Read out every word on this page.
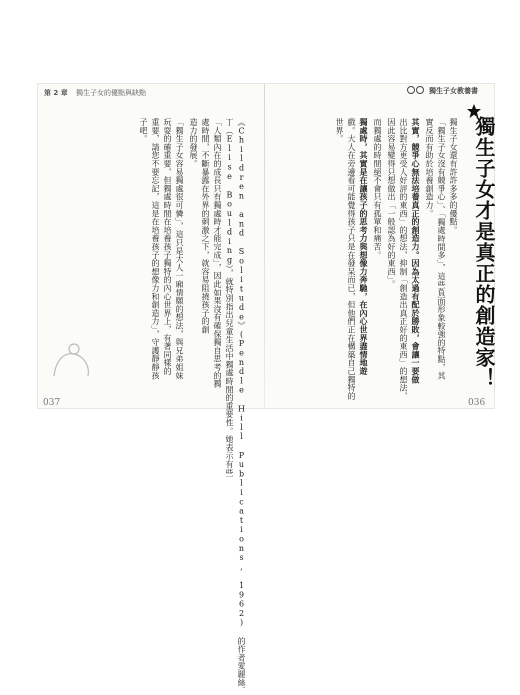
第 2 章 獨生子女的優點與缺點	獨生子女教養書
獨生子女才是真正的創造家！
獨生子女還有許許多多的優點。
「獨生子女沒有競爭心」、「獨處時間多」，這些負面形象較強的特點，其
實反而有助於培養創造力。
其實，競爭心無法培養真正的創造力。因為太過有配於勝敗，會讓一要做
出比對方更受人好評的東西」的想法，抑制「創造出真正好的東西」的想法，
因此容易變得只想做出「一般認為好的東西」。
而獨處的時間絕不會只有孤單和痛苦。
獨處時，其實是在讓孩子的思考力與想像力奔馳，在內心世界盡情地遊
戲。大人在旁邊看可能覺得孩子只是在發呆而已，但他們正在構築自己獨特的
世界。
《Children and Solitude》(Pendle Hill Publications, 1962) 的作者愛麗絲．
丁（Elise Boulding），就特別指出兒童生活中獨處時間的重要性。她表示有些
「人類內在的成長只有獨處時才能完成」，因此如果沒有確保獨自思考的獨
處時間，不斷暴露在外界的刺激之下，就容易阻撓孩子的創
造力的發展。
「獨生子女容易獨處很可憐」，這只是大人一廂情願的想法，與兄弟姐妹
玩耍的確重要，但獨處時間在培養孩子獨特的內心世界上，有著同樣的
重要，請您不要忘記，這是在培養孩子的想像力和創造力」，守護靜靜孩
子吧。
037	036
